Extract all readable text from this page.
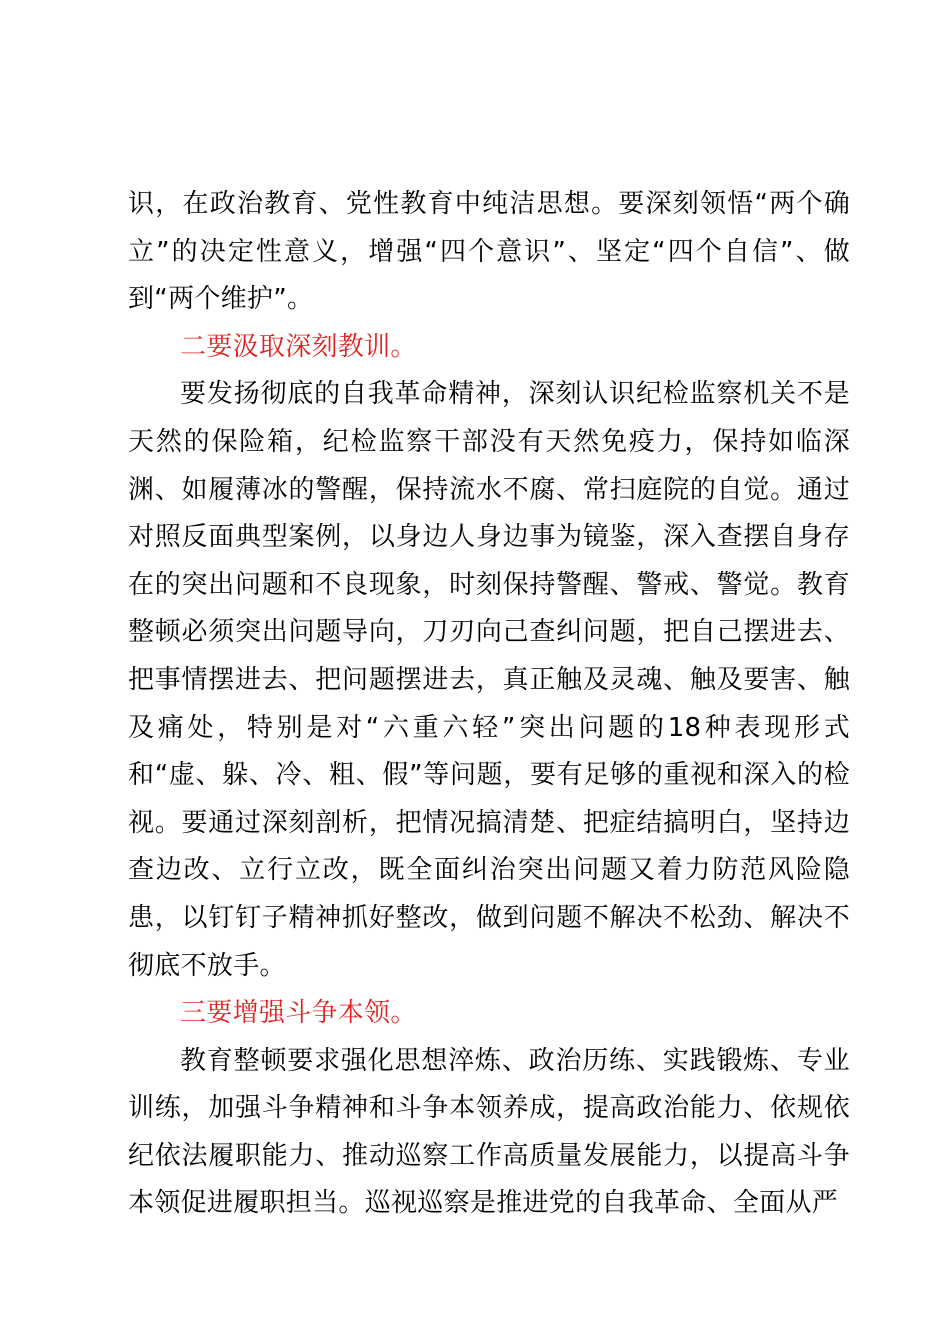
识，在政治教育、党性教育中纯洁思想。要深刻领悟“两个确立”的决定性意义，增强“四个意识”、坚定“四个自信”、做到“两个维护”。

二要汲取深刻教训。

要发扬彻底的自我革命精神，深刻认识纪检监察机关不是天然的保险箱，纪检监察干部没有天然免疫力，保持如临深渊、如履薄冰的警醒，保持流水不腐、常扫庭院的自觉。通过对照反面典型案例，以身边人身边事为镜鉴，深入查摆自身存在的突出问题和不良现象，时刻保持警醒、警戒、警觉。教育整顿必须突出问题导向，刀刃向己查纠问题，把自己摆进去、把事情摆进去、把问题摆进去，真正触及灵魂、触及要害、触及痛处，特别是对“六重六轻”突出问题的18种表现形式和“虚、躲、冷、粗、假”等问题，要有足够的重视和深入的检视。要通过深刻剖析，把情况搞清楚、把症结搞明白，坚持边查边改、立行立改，既全面纠治突出问题又着力防范风险隐患，以钉钉子精神抓好整改，做到问题不解决不松劲、解决不彻底不放手。

三要增强斗争本领。

教育整顿要求强化思想淬炼、政治历练、实践锻炼、专业训练，加强斗争精神和斗争本领养成，提高政治能力、依规依纪依法履职能力、推动巡察工作高质量发展能力，以提高斗争本领促进履职担当。巡视巡察是推进党的自我革命、全面从严
